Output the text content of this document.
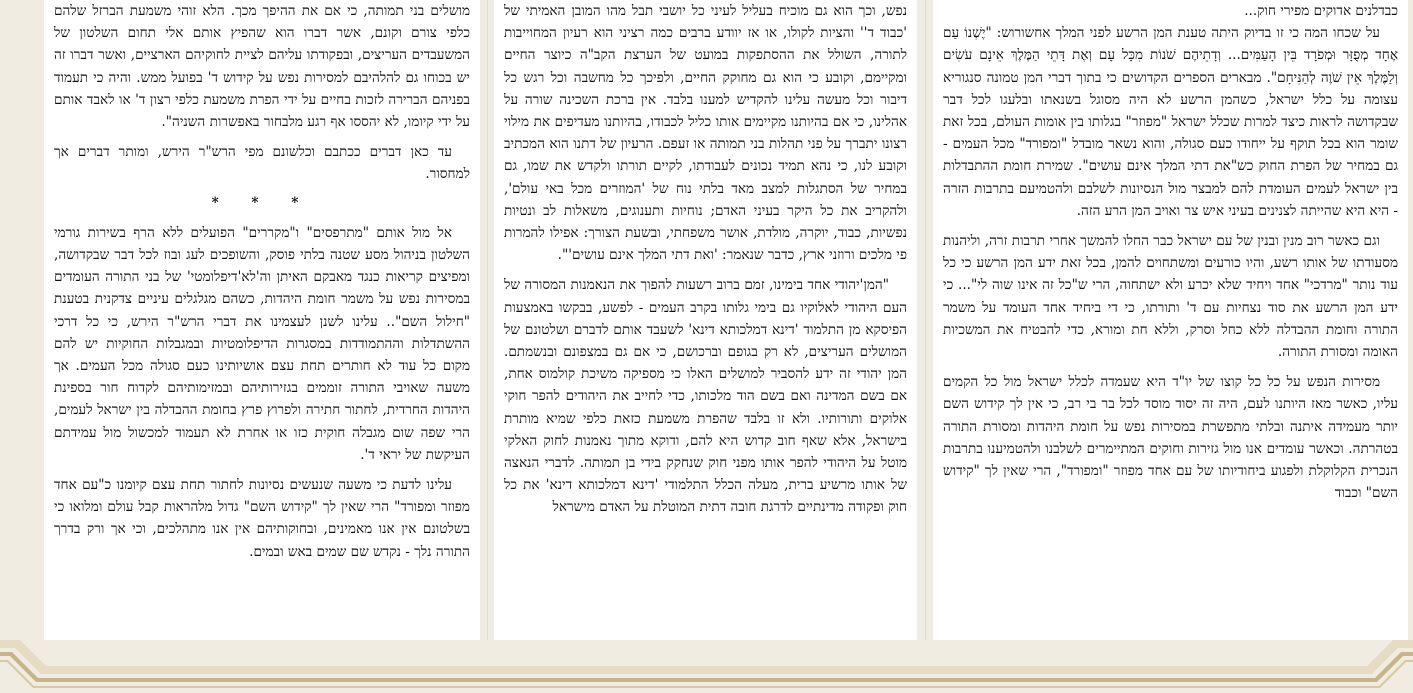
כבדלנים אדוקים מפירי חוק...

על שכחו המה כי זו בדיוק היתה טענת המן הרשע לפני המלך אחשורוש: "יֶשְׁנוֹ עַם אֶחָד מְפֻזָּר וּמְפֹרָד בֵּין הָעַמִּים... וְדָתֵיהֶם שֹׁנוֹת מִכָּל עָם וְאֶת דָּתֵי הַמֶּלֶךְ אֵינָם עֹשִׂים וְלַמֶּלֶךְ אֵין שֹׁוֶה לְהַנִּיחָם". מבארים הספרים הקדושים כי בתוך דברי המן טמונה סנגוריא עצומה על כלל ישראל, כשהמן הרשע לא היה מסוגל בשנאתו ובלעגו לכל דבר שבקדושה לראות כיצד למרות שכלל ישראל "מפוזר" בגלותו בין אומות העולם, בכל זאת שומר הוא בכל תוקף על ייחודו כעם סגולה, והוא נשאר מובדל "ומפורד" מכל העמים - גם במחיר של הפרת החוק כש"את דתי המלך אינם עושים". שמירת חומת ההתבדלות בין ישראל לעמים העומדת להם למבצר מול הנסיונות לשלבם ולהטמיעם בתרבות הזרה - היא היא שהייתה לצנינים בעיני איש צר ואויב המן הרע הזה.

וגם כאשר רוב מנין ובנין של עם ישראל כבר החלו להמשך אחרי תרבות זרה, וליהנות מסעודתו של אותו רשע, והיו כורעים ומשתחוים להמן, בכל זאת ידע המן הרשע כי כל עוד נותר "מרדכי" אחד ויחיד שלא יכרע ולא ישתחוה, הרי ש"כל זה אינו שוה לי"... כי ידע המן הרשע את סוד נצחיות עם ד' ותורתו, כי די ביחיד אחד העומד על משמר התורה וחומת ההבדלה ללא כחל וסרק, וללא חת ומורא, כדי להבטיח את המשכיות האומה ומסורת התורה.

מסירות הנפש על כל כל קוצו של יו"ד היא שעמדה לכלל ישראל מול כל הקמים עליו, כאשר מאז היותנו לעם, היה זה יסוד מוסד לכל בר בי רב, כי אין לך קידוש השם יותר מעמידה איתנה ובלתי מתפשרת במסירות נפש על חומת היהדות ומסורת התורה בטהרתה. וכאשר עומדים אנו מול גזירות וחוקים המתיימרים לשלבנו ולהטמיענו בתרבות הנכרית הקלוקלת ולפגוע ביחודיותו של עם אחד מפוזר "ומפורד", הרי שאין לך "קידוש השם" וכבוד

נפש, וכך הוא גם מוכיח בעליל לעיני כל יושבי תבל מהו המובן האמיתי של 'כבוד ד'' והציות לקולו, או אז יוודע ברבים כמה רציני הוא רעיון המחוייבות לתורה, השולל את ההסתפקות במועט של הערצת הקב"ה כיוצר החיים ומקיימם, וקובע כי הוא גם מחוקק החיים, ולפיכך כל מחשבה וכל רגש כל דיבור וכל מעשה עלינו להקדיש למענו בלבד. אין ברכת השכינה שורה על אהלינו, כי אם בהיותנו מקיימים אותו כליל לכבודו, בהיותנו מעדיפים את מילוי רצונו יתברך על פני תהלות בני תמותה או זעפם. הרעיון של דתנו הוא המכתיב וקובע לנו, כי נהא תמיד נכונים לעבודתו, לקיים תורתו ולקדש את שמו, גם במחיר של הסתגלות למצב מאד בלתי נוח של 'המוזרים מכל באי עולם', ולהקריב את כל היקר בעיני האדם; נוחיות ותענוגים, משאלות לב ונטיות נפשיות, כבוד, יוקרה, מולדת, אושר משפחתי, ובשעת הצורך: אפילו להמרות פי מלכים ורוזני ארץ, כדבר שנאמר: 'ואת דתי המלך אינם עושים'".

"המן'יהודי אחד בימינו, זמם ברוב רשעות להפוך את הנאמנות המסורה של העם היהודי לאלוקיו גם בימי גלותו בקרב העמים - לפשע, בבקשו באמצעות הפיסקא מן התלמוד 'דינא דמלכותא דינא' לשעבד אותם לדברם ושלטונם של המושלים העריצים, לא רק בגופם וברכושם, כי אם גם במצפונם ובנשמתם. המן יהודי זה ידע להסביר למושלים האלו כי מספיקה משיכת קולמוס אחת, אם בשם המדינה ואם בשם הוד מלכותו, כדי לחייב את היהודים להפר חוקי אלוקים ותורותיו. ולא זו בלבד שהפרת משמעת כזאת כלפי שמיא מותרת בישראל, אלא שאף חוב קדוש היא להם, ודוקא מתוך נאמנות לחוק האלקי מוטל על היהודי להפר אותו מפני חוק שנחקק בידי בן תמותה. לדברי הנאצה של אותו מרשיע ברית, מעלה הכלל התלמודי 'דינא דמלכותא דינא' את כל חוק ופקודה מדינתיים לדרגת חובה דתית המוטלת על האדם מישראל

מושלים בני תמותה, כי אם את ההיפך מכך. הלא זוהי משמעת הברזל שלהם כלפי צורם וקונם, אשר דברו הוא שהפיץ אותם אלי תחום השלטון של המשעבדים העריצים, ובפקודתו עליהם לציית לחוקיהם הארציים, ואשר דברו זה יש בכוחו גם להלהיבם למסירות נפש על קידוש ד' בפועל ממש. והיה כי תעמוד בפניהם הברירה לזכות בחיים על ידי הפרת משמעת כלפי רצון ד' או לאבד אותם על ידי קיומו, לא יהססו אף רגע מלבחור באפשרות השניה".

עד כאן דברים ככתבם וכלשונם מפי הרש"ר הירש, ומותר דברים אך למחסור.

* * *

אל מול אותם "מתרפסים" ו"מקררים" הפועלים ללא הרף בשירות גורמי השלטון בניהול מסע שטנה בלתי פוסק, והשופכים לעג ובוז לכל דבר שבקדושה, ומפיצים קריאות כנגד מאבקם האיתן וה'לא'דיפלומטי' של בני התורה העומדים במסירות נפש על משמר חומת היהדות, כשהם מגלגלים עיניים צדקנית בטענת "חילול השם".. עלינו לשנן לעצמינו את דברי הרש"ר הירש, כי כל דרכי ההשתדלות וההתמודדות במסגרות הדיפלומטיות ובמגבלות החוקיות יש להם מקום כל עוד לא חותרים תחת עצם אושיותינו כעם סגולה מכל העמים. אך משעה שאויבי התורה זוממים בגזירותיהם ובמזימותיהם לקדוח חור בספינת היהדות החרדית, לחתור חתירה ולפרוץ פרץ בחומת ההבדלה בין ישראל לעמים, הרי שפה שום מגבלה חוקית כזו או אחרת לא תעמוד למכשול מול עמידתם העיקשת של יראי ד'.

עלינו לדעת כי משעה שנעשים נסיונות לחתור תחת עצם קיומנו כ"עם אחד מפוזר ומפורד" הרי שאין לך "קידוש השם" גדול מלהראות קבל עולם ומלואו כי בשלטונם אין אנו מאמינים, ובחוקותיהם אין אנו מתהלכים, וכי אך ורק בדרך התורה נלך - נקדש שם שמים באש ובמים.
